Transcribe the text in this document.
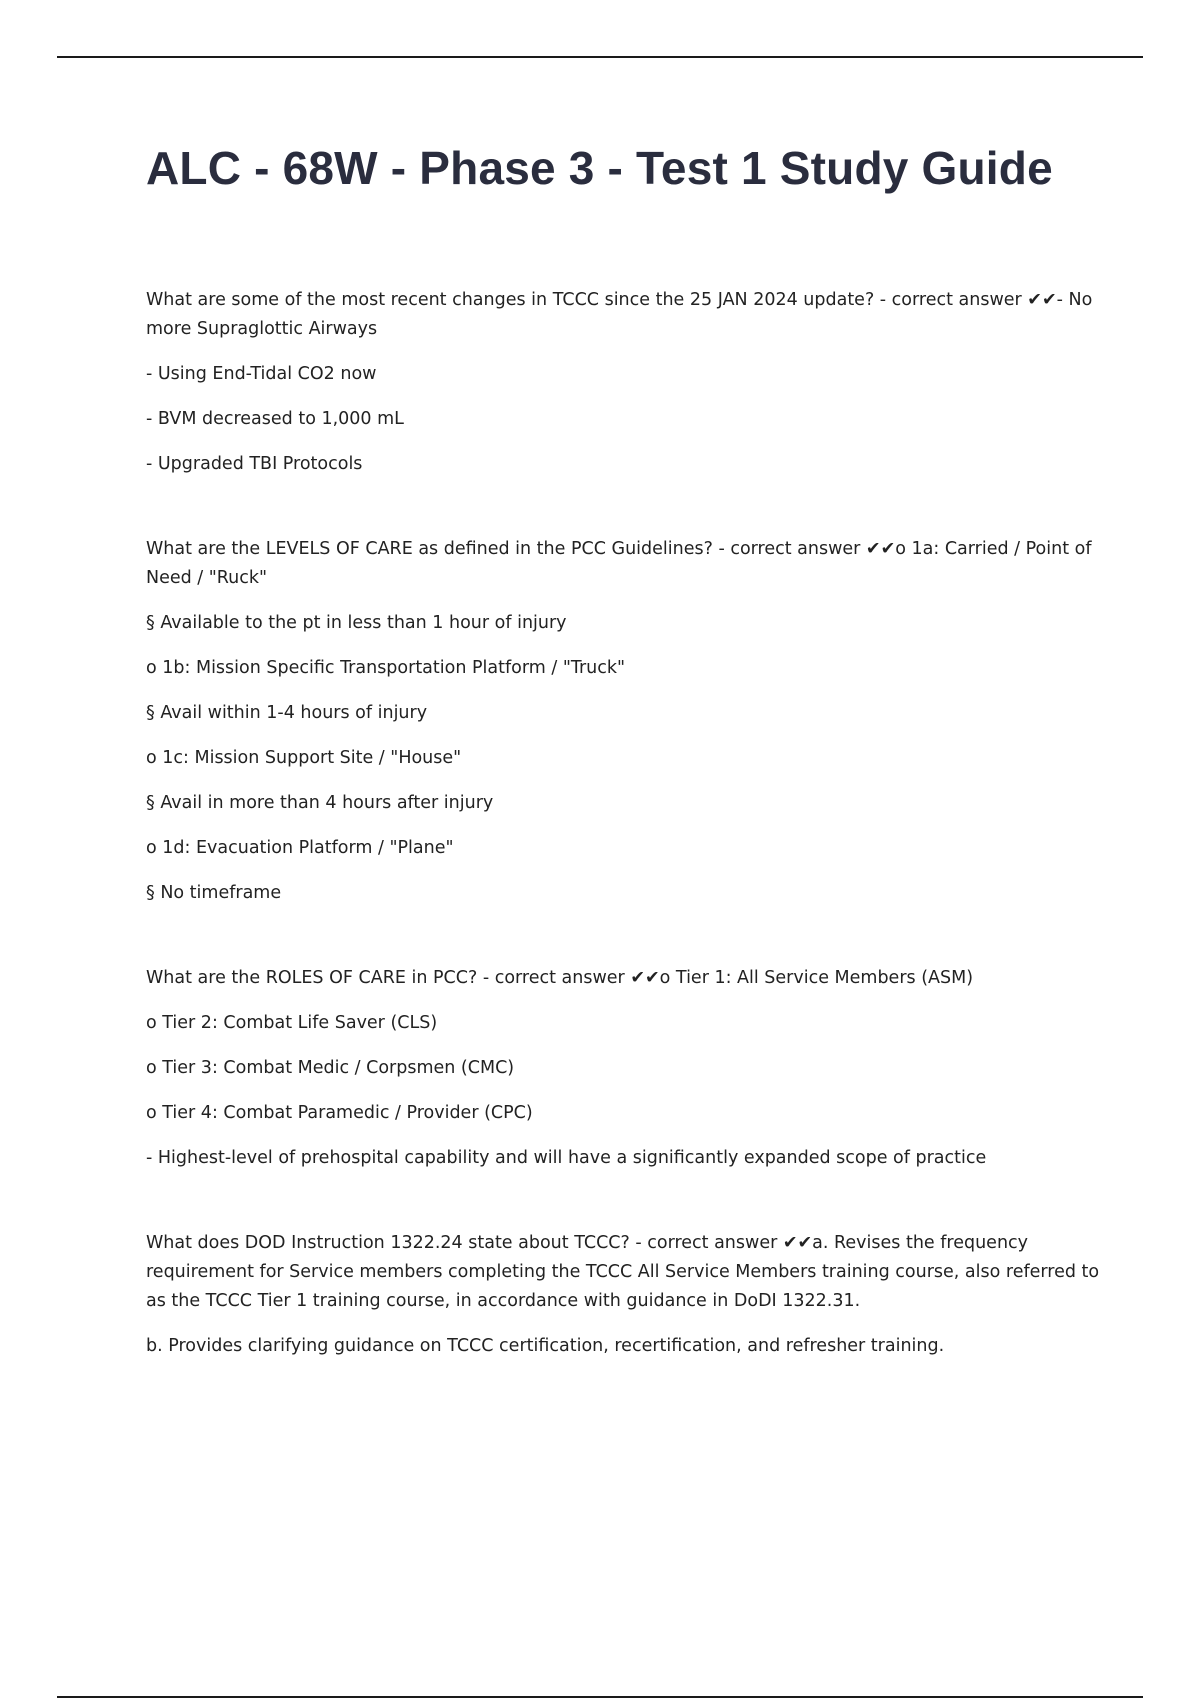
ALC - 68W - Phase 3 - Test 1 Study Guide

What are some of the most recent changes in TCCC since the 25 JAN 2024 update? - correct answer ✔✔- No more Supraglottic Airways

- Using End-Tidal CO2 now

- BVM decreased to 1,000 mL

- Upgraded TBI Protocols

What are the LEVELS OF CARE as defined in the PCC Guidelines? - correct answer ✔✔o 1a: Carried / Point of Need / "Ruck"

§ Available to the pt in less than 1 hour of injury

o 1b: Mission Specific Transportation Platform / "Truck"

§ Avail within 1-4 hours of injury

o 1c: Mission Support Site / "House"

§ Avail in more than 4 hours after injury

o 1d: Evacuation Platform / "Plane"

§ No timeframe

What are the ROLES OF CARE in PCC? - correct answer ✔✔o Tier 1: All Service Members (ASM)

o Tier 2: Combat Life Saver (CLS)

o Tier 3: Combat Medic / Corpsmen (CMC)

o Tier 4: Combat Paramedic / Provider (CPC)

- Highest-level of prehospital capability and will have a significantly expanded scope of practice

What does DOD Instruction 1322.24 state about TCCC? - correct answer ✔✔a. Revises the frequency requirement for Service members completing the TCCC All Service Members training course, also referred to as the TCCC Tier 1 training course, in accordance with guidance in DoDI 1322.31.

b. Provides clarifying guidance on TCCC certification, recertification, and refresher training.
